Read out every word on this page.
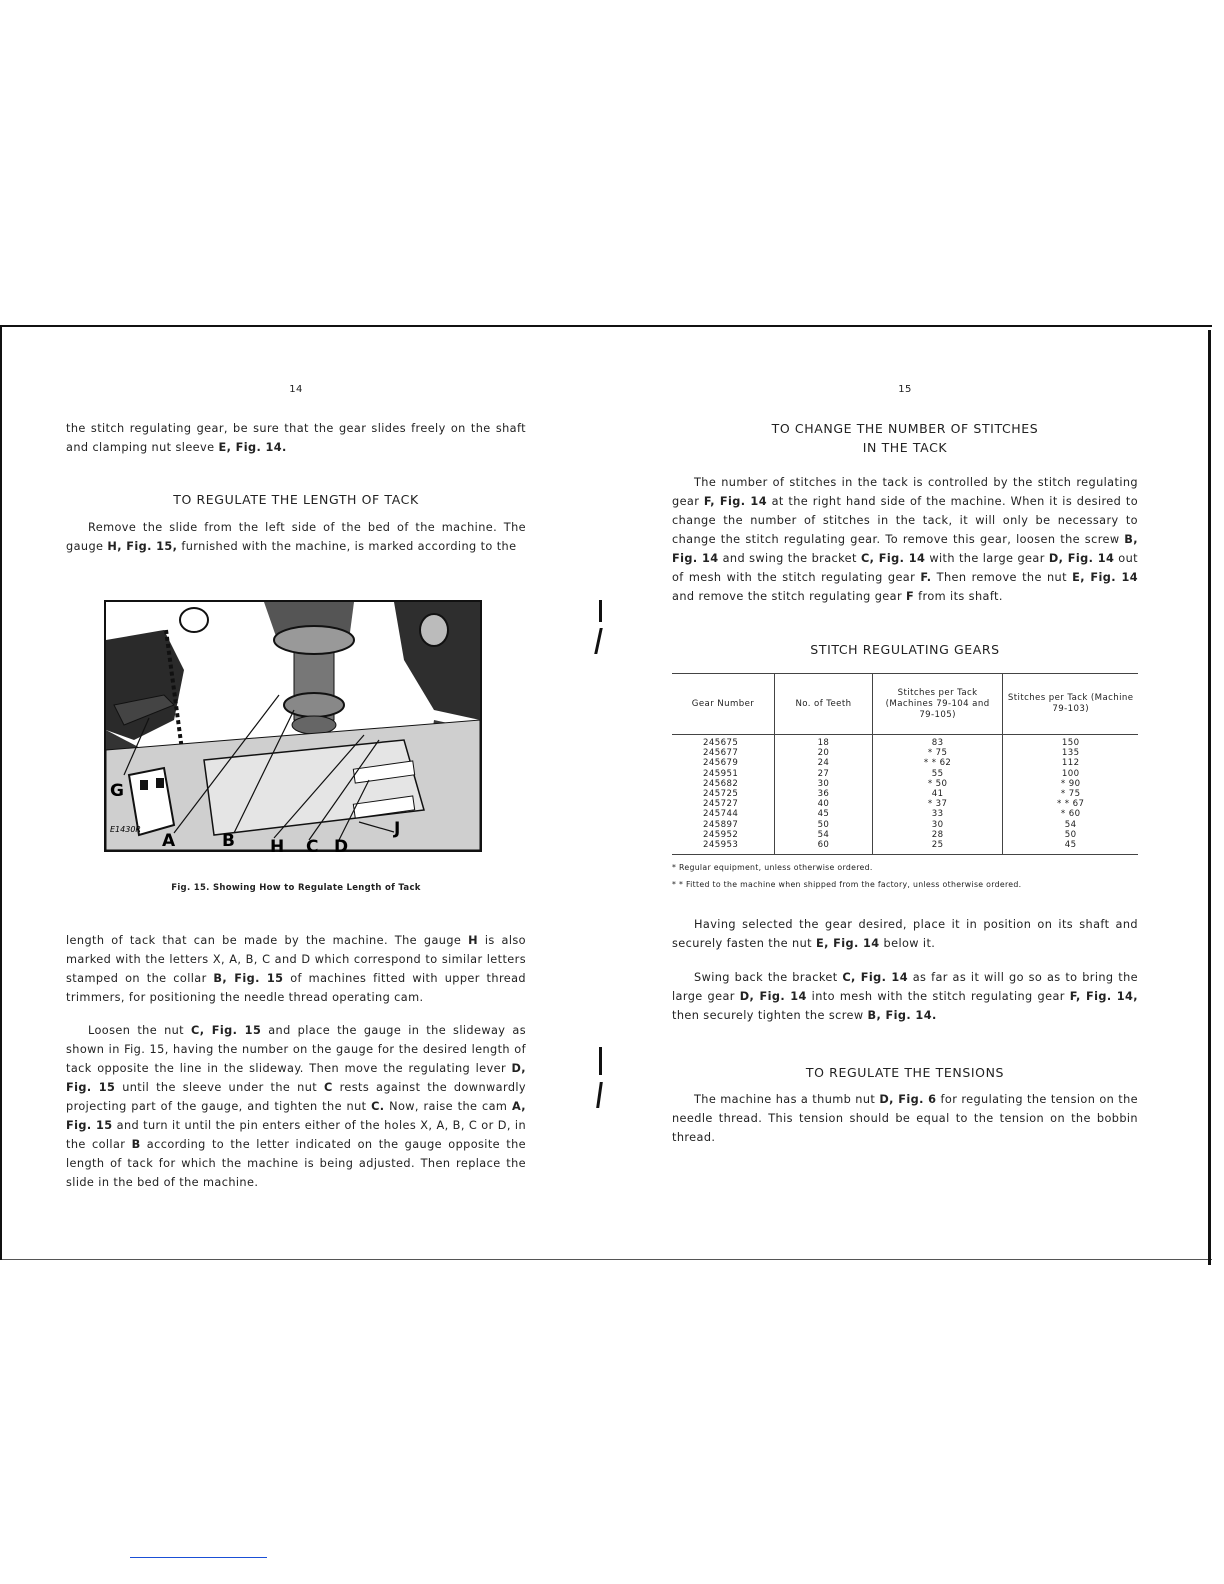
14

the stitch regulating gear, be sure that the gear slides freely on the shaft and clamping nut sleeve E, Fig. 14.

TO REGULATE THE LENGTH OF TACK

Remove the slide from the left side of the bed of the machine. The gauge H, Fig. 15, furnished with the machine, is marked according to the

E1430R
G
A	B H C D
J
Fig. 15. Showing How to Regulate Length of Tack

length of tack that can be made by the machine. The gauge H is also marked with the letters X, A, B, C and D which correspond to similar letters stamped on the collar B, Fig. 15 of machines fitted with upper thread trimmers, for positioning the needle thread operating cam.

Loosen the nut C, Fig. 15 and place the gauge in the slideway as shown in Fig. 15, having the number on the gauge for the desired length of tack opposite the line in the slideway. Then move the regulating lever D, Fig. 15 until the sleeve under the nut C rests against the downwardly projecting part of the gauge, and tighten the nut C. Now, raise the cam A, Fig. 15 and turn it until the pin enters either of the holes X, A, B, C or D, in the collar B according to the letter indicated on the gauge opposite the length of tack for which the machine is being adjusted. Then replace the slide in the bed of the machine.

15
TO CHANGE THE NUMBER OF STITCHES
IN THE TACK

The number of stitches in the tack is controlled by the stitch regulating gear F, Fig. 14 at the right hand side of the machine. When it is desired to change the number of stitches in the tack, it will only be necessary to change the stitch regulating gear. To remove this gear, loosen the screw B, Fig. 14 and swing the bracket C, Fig. 14 with the large gear D, Fig. 14 out of mesh with the stitch regulating gear F. Then remove the nut E, Fig. 14 and remove the stitch regulating gear F from its shaft.

STITCH REGULATING GEARS
Gear Number	No. of Teeth	Stitches per Tack (Machines 79-104 and 79-105)	Stitches per Tack (Machine 79-103)
245675	18	83	150
245677	20	* 75	135
245679	24	* * 62	112
245951	27	55	100
245682	30	* 50	* 90
245725	36	41	* 75
245727	40	* 37	* * 67
245744	45	33	* 60
245897	50	30	54
245952	54	28	50
245953	60	25	45
* Regular equipment, unless otherwise ordered.
* * Fitted to the machine when shipped from the factory, unless otherwise ordered.

Having selected the gear desired, place it in position on its shaft and securely fasten the nut E, Fig. 14 below it.

Swing back the bracket C, Fig. 14 as far as it will go so as to bring the large gear D, Fig. 14 into mesh with the stitch regulating gear F, Fig. 14, then securely tighten the screw B, Fig. 14.

TO REGULATE THE TENSIONS

The machine has a thumb nut D, Fig. 6 for regulating the tension on the needle thread. This tension should be equal to the tension on the bobbin thread.
